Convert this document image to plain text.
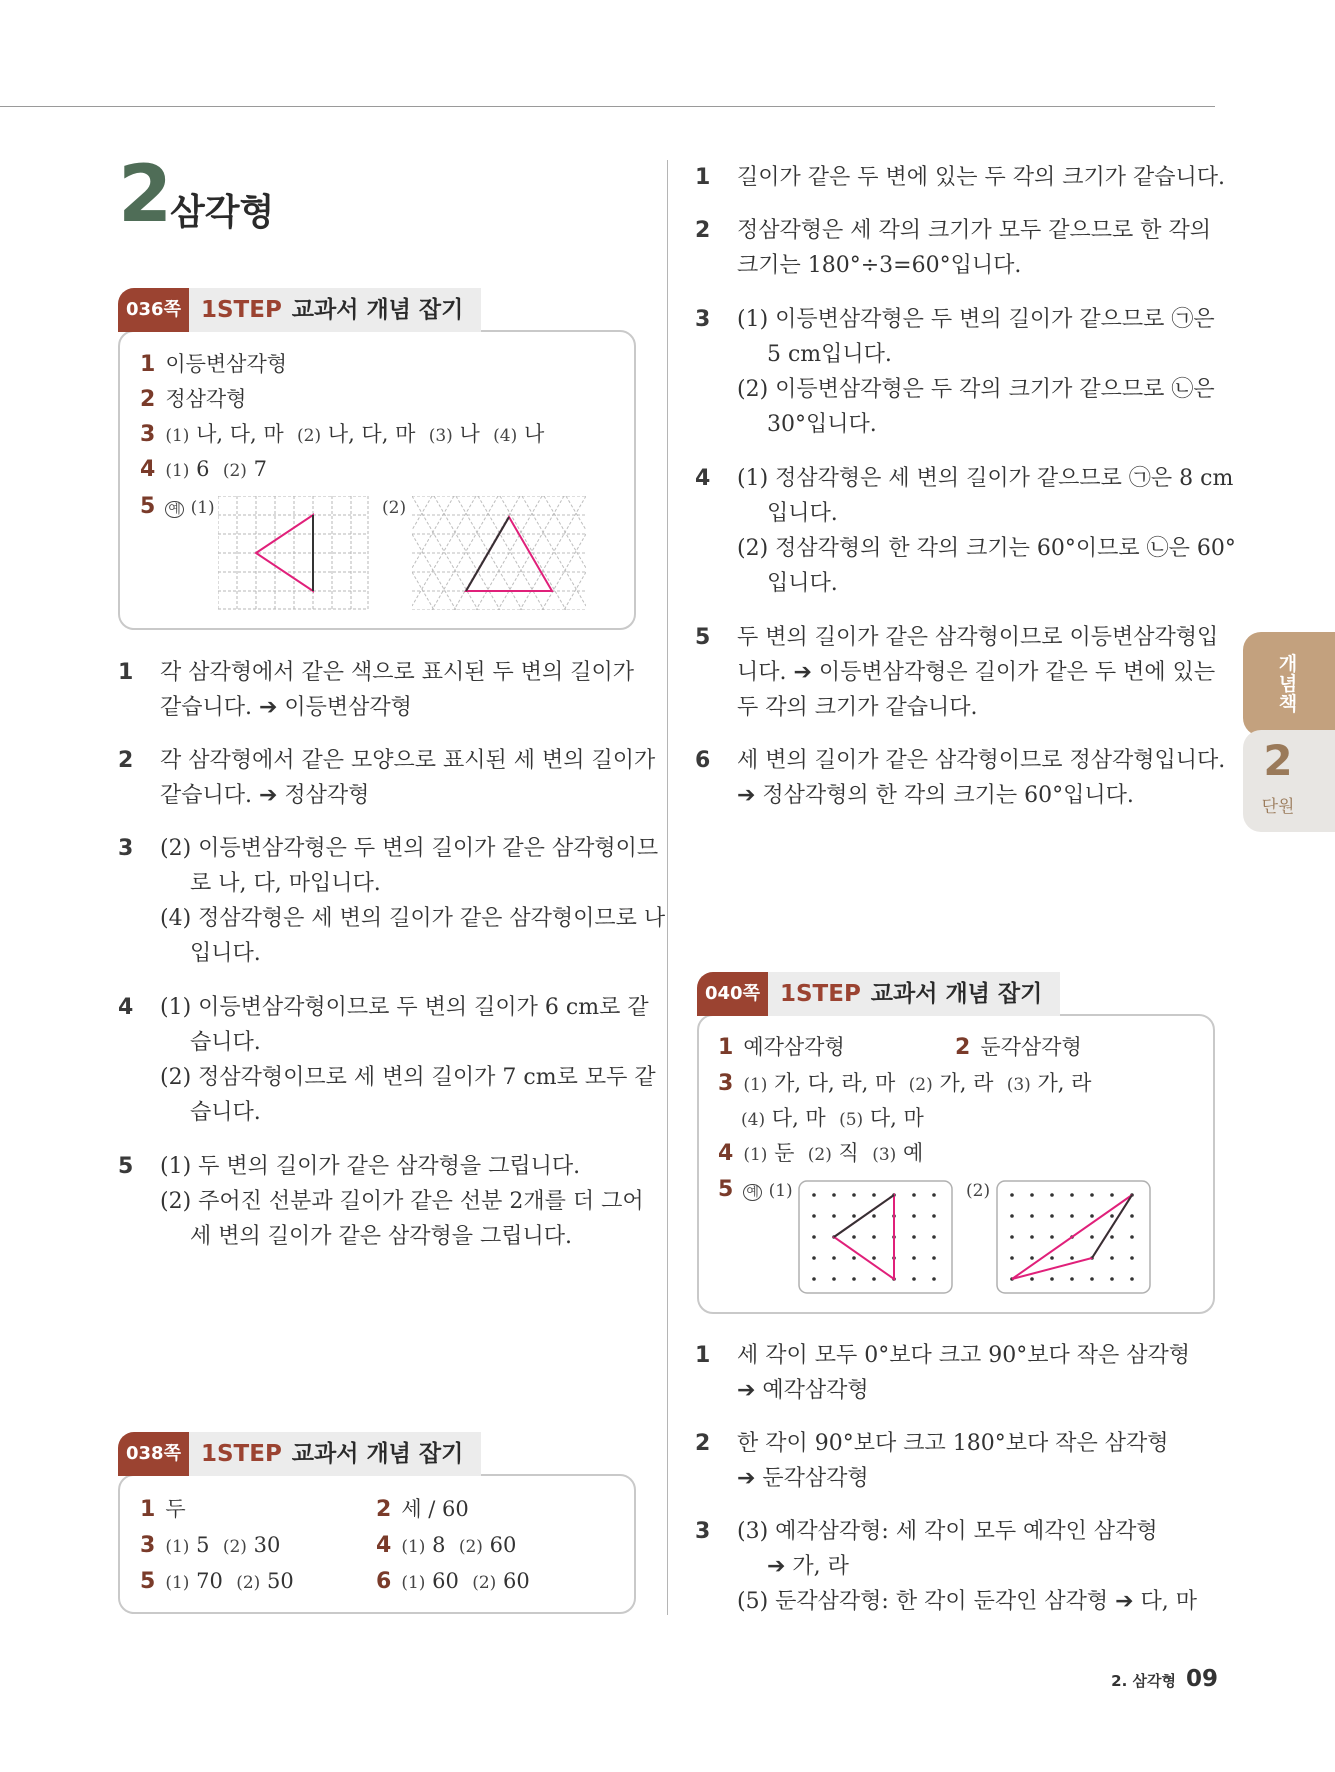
2 삼각형
036쪽 1STEP 교과서 개념 잡기
1 이등변삼각형
2 정삼각형
3 (1) 나, 다, 마 (2) 나, 다, 마 (3) 나 (4) 나
4 (1) 6 (2) 7
5 예 (1)	(2)
1 각 삼각형에서 같은 색으로 표시된 두 변의 길이가
같습니다. ➔ 이등변삼각형
2 각 삼각형에서 같은 모양으로 표시된 세 변의 길이가
같습니다. ➔ 정삼각형
3 (2) 이등변삼각형은 두 변의 길이가 같은 삼각형이므
로 나, 다, 마입니다.
(4) 정삼각형은 세 변의 길이가 같은 삼각형이므로 나
입니다.
4 (1) 이등변삼각형이므로 두 변의 길이가 6 cm로 같
습니다.
(2) 정삼각형이므로 세 변의 길이가 7 cm로 모두 같
습니다.
5 (1) 두 변의 길이가 같은 삼각형을 그립니다.
(2) 주어진 선분과 길이가 같은 선분 2개를 더 그어
세 변의 길이가 같은 삼각형을 그립니다.
038쪽 1STEP 교과서 개념 잡기
1 두	2 세 / 60
3 (1) 5 (2) 30	4 (1) 8 (2) 60
5 (1) 70 (2) 50	6 (1) 60 (2) 60
1 길이가 같은 두 변에 있는 두 각의 크기가 같습니다.
2 정삼각형은 세 각의 크기가 모두 같으므로 한 각의
크기는 180°÷3=60°입니다.
3 (1) 이등변삼각형은 두 변의 길이가 같으므로 ㉠은
5 cm입니다.
(2) 이등변삼각형은 두 각의 크기가 같으므로 ㉡은
30°입니다.
4 (1) 정삼각형은 세 변의 길이가 같으므로 ㉠은 8 cm
입니다.
(2) 정삼각형의 한 각의 크기는 60°이므로 ㉡은 60°
입니다.
5 두 변의 길이가 같은 삼각형이므로 이등변삼각형입
니다. ➔ 이등변삼각형은 길이가 같은 두 변에 있는
두 각의 크기가 같습니다.
6 세 변의 길이가 같은 삼각형이므로 정삼각형입니다.
➔ 정삼각형의 한 각의 크기는 60°입니다.
040쪽 1STEP 교과서 개념 잡기
1 예각삼각형	2 둔각삼각형
3 (1) 가, 다, 라, 마 (2) 가, 라 (3) 가, 라
(4) 다, 마 (5) 다, 마
4 (1) 둔 (2) 직 (3) 예
5 예 (1)	(2)
1 세 각이 모두 0°보다 크고 90°보다 작은 삼각형
➔ 예각삼각형
2 한 각이 90°보다 크고 180°보다 작은 삼각형
➔ 둔각삼각형
3 (3) 예각삼각형: 세 각이 모두 예각인 삼각형
➔ 가, 라
(5) 둔각삼각형: 한 각이 둔각인 삼각형 ➔ 다, 마
개념책
2
단원
2. 삼각형 09
